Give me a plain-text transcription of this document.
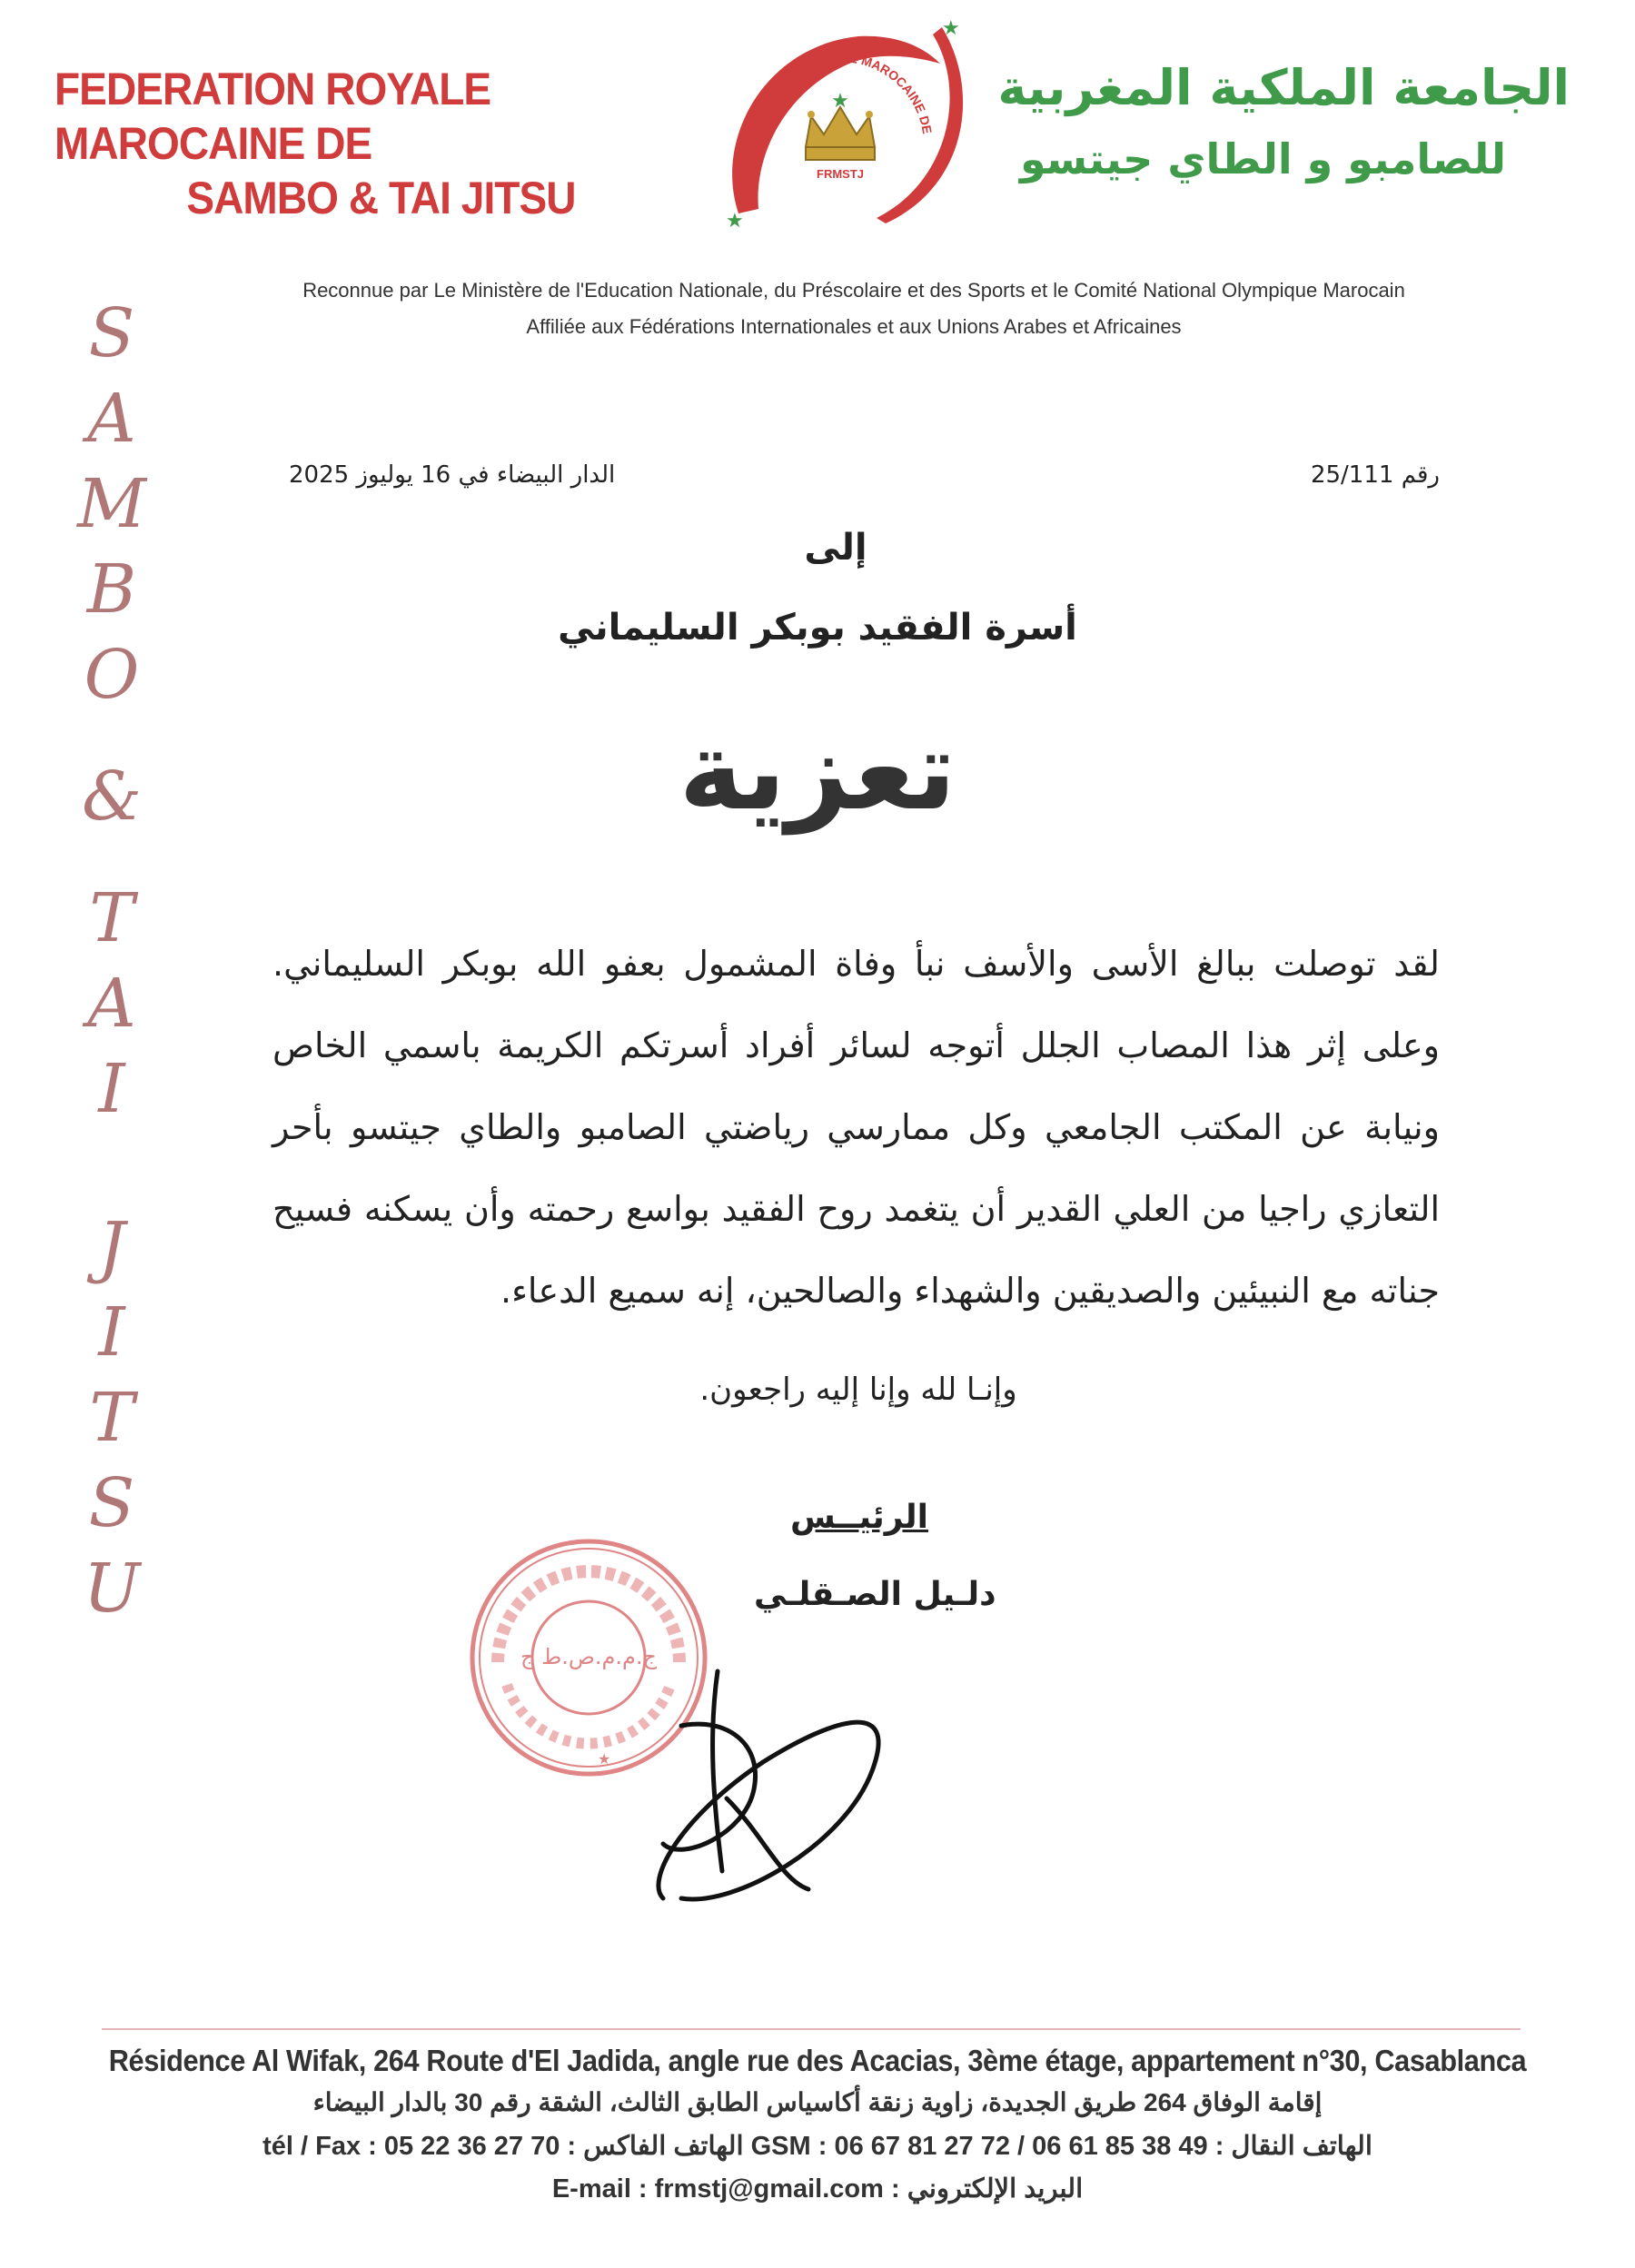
FEDERATION ROYALE MAROCAINE DE
SAMBO & TAI JITSU
الجامعة الملكية المغربية
للصامبو و الطاي جيتسو
★
★
FEDERATION ROYALE MAROCAINE DE
★
FRMSTJ
SAMBO & TAI JITSU
Reconnue par Le Ministère de l'Education Nationale, du Préscolaire et des Sports et le Comité National Olympique Marocain
Affiliée aux Fédérations Internationales et aux Unions Arabes et Africaines
S
A
M
B
O
&
T
A
I
J
I
T
S
U
رقم 25/111
الدار البيضاء في 16 يوليوز 2025
إلى
أسرة الفقيد بوبكر السليماني
تعزية
لقد توصلت ببالغ الأسى والأسف نبأ وفاة المشمول بعفو الله بوبكر السليماني. وعلى إثر هذا المصاب الجلل أتوجه لسائر أفراد أسرتكم الكريمة باسمي الخاص ونيابة عن المكتب الجامعي وكل ممارسي رياضتي الصامبو والطاي جيتسو بأحر التعازي راجيا من العلي القدير أن يتغمد روح الفقيد بواسع رحمته وأن يسكنه فسيح جناته مع النبيئين والصديقين والشهداء والصالحين، إنه سميع الدعاء.
وإنـا لله وإنا إليه راجعون.
الرئيــس
دلـيل الصـقلـي
ج.م.م.ص.ط ج
★
Résidence Al Wifak, 264 Route d'El Jadida, angle rue des Acacias, 3ème étage, appartement n°30, Casablanca
إقامة الوفاق 264 طريق الجديدة، زاوية زنقة أكاسياس الطابق الثالث، الشقة رقم 30 بالدار البيضاء
tél / Fax : 05 22 36 27 70 : الهاتف الفاكس GSM : 06 67 81 27 72 / 06 61 85 38 49 : الهاتف النقال
E-mail : frmstj@gmail.com : البريد الإلكتروني
